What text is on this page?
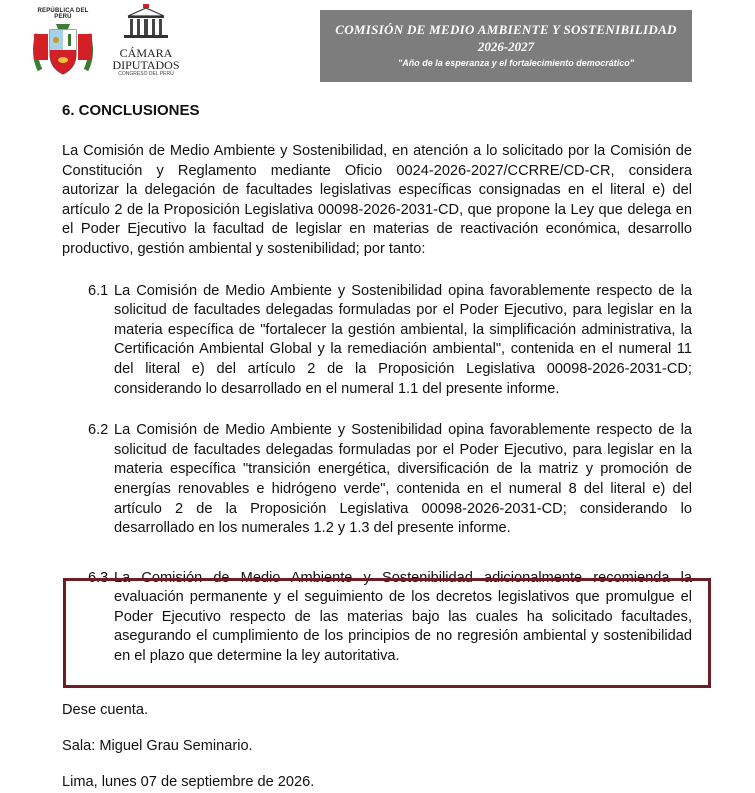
REPÚBLICA DEL PERÚ
CÁMARA
DIPUTADOS
CONGRESO DEL PERÚ
COMISIÓN DE MEDIO AMBIENTE Y SOSTENIBILIDAD
2026-2027
"Año de la esperanza y el fortalecimiento democrático"
6. CONCLUSIONES

La Comisión de Medio Ambiente y Sostenibilidad, en atención a lo solicitado por la Comisión de Constitución y Reglamento mediante Oficio 0024-2026-2027/CCRRE/CD-CR, considera autorizar la delegación de facultades legislativas específicas consignadas en el literal e) del artículo 2 de la Proposición Legislativa 00098-2026-2031-CD, que propone la Ley que delega en el Poder Ejecutivo la facultad de legislar en materias de reactivación económica, desarrollo productivo, gestión ambiental y sostenibilidad; por tanto:

6.1 La Comisión de Medio Ambiente y Sostenibilidad opina favorablemente respecto de la solicitud de facultades delegadas formuladas por el Poder Ejecutivo, para legislar en la materia específica de "fortalecer la gestión ambiental, la simplificación administrativa, la Certificación Ambiental Global y la remediación ambiental", contenida en el numeral 11 del literal e) del artículo 2 de la Proposición Legislativa 00098-2026-2031-CD; considerando lo desarrollado en el numeral 1.1 del presente informe.
6.2 La Comisión de Medio Ambiente y Sostenibilidad opina favorablemente respecto de la solicitud de facultades delegadas formuladas por el Poder Ejecutivo, para legislar en la materia específica "transición energética, diversificación de la matriz y promoción de energías renovables e hidrógeno verde", contenida en el numeral 8 del literal e) del artículo 2 de la Proposición Legislativa 00098-2026-2031-CD; considerando lo desarrollado en los numerales 1.2 y 1.3 del presente informe.
6.3 La Comisión de Medio Ambiente y Sostenibilidad adicionalmente recomienda la evaluación permanente y el seguimiento de los decretos legislativos que promulgue el Poder Ejecutivo respecto de las materias bajo las cuales ha solicitado facultades, asegurando el cumplimiento de los principios de no regresión ambiental y sostenibilidad en el plazo que determine la ley autoritativa.
Dese cuenta.
Sala: Miguel Grau Seminario.
Lima, lunes 07 de septiembre de 2026.
